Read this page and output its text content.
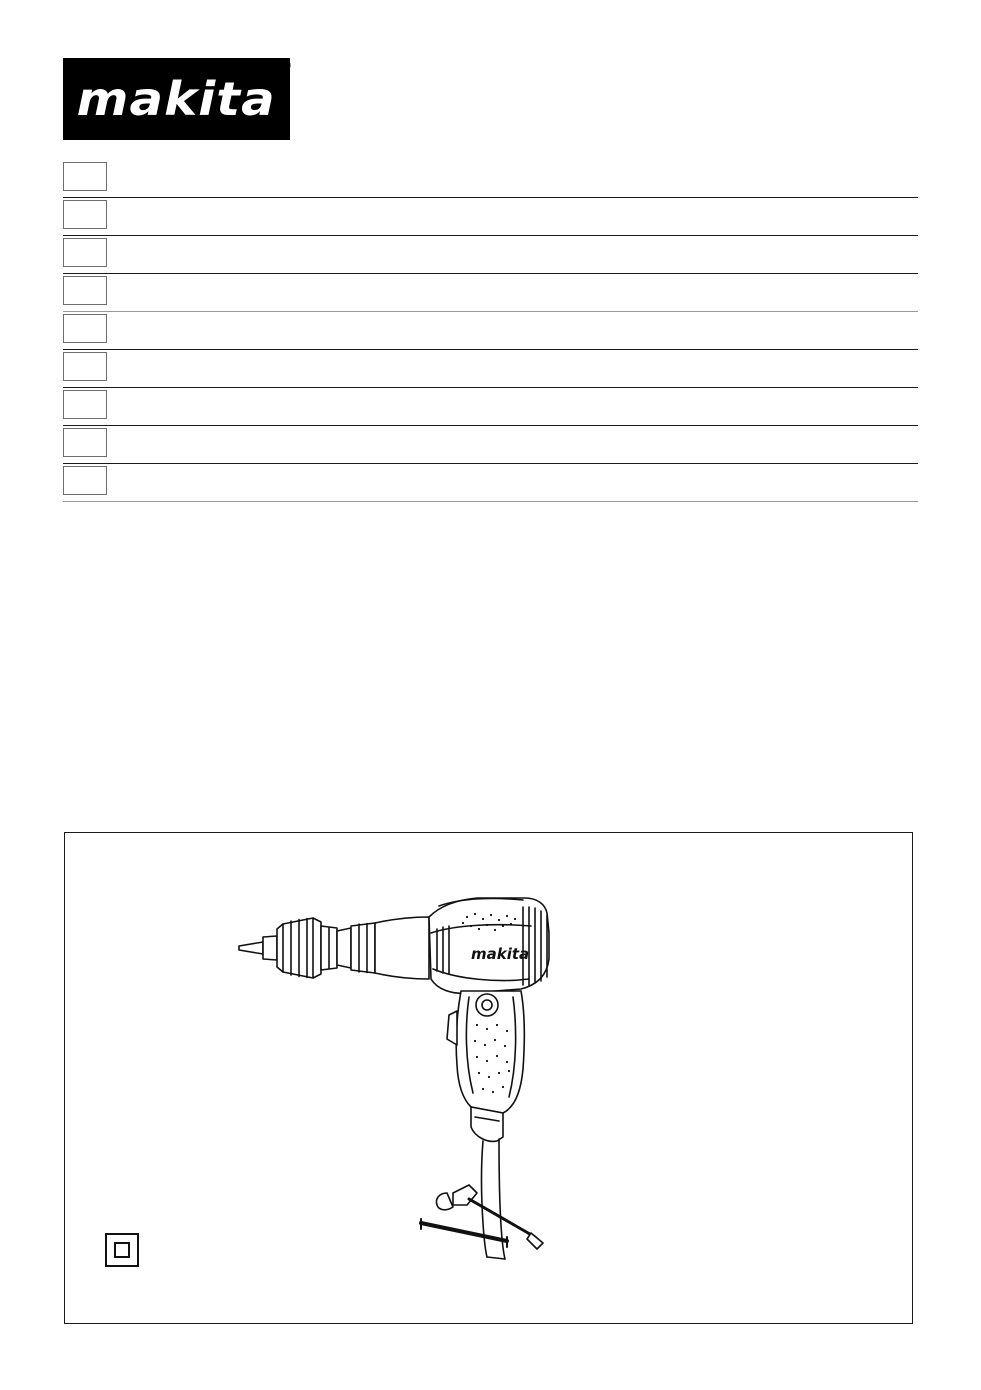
makita
®
makita
